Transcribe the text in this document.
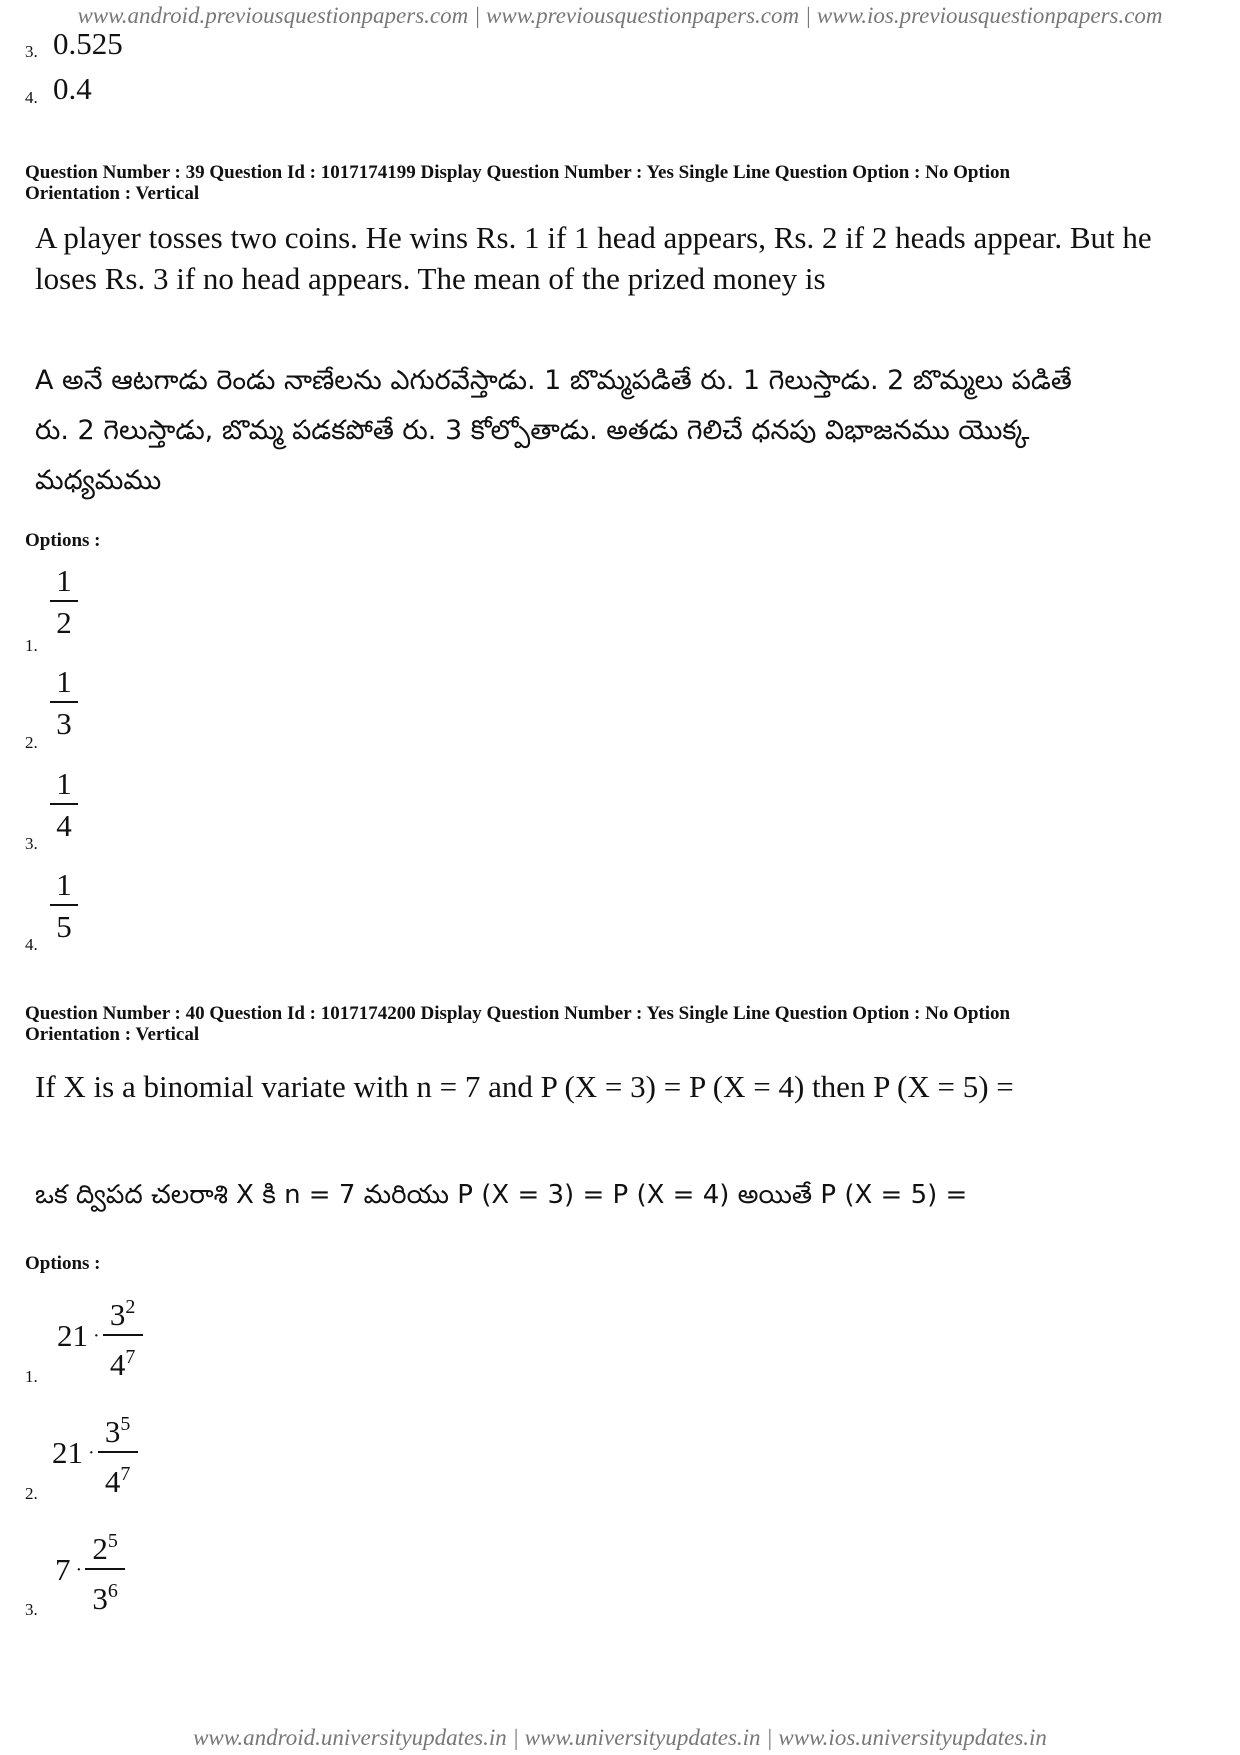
www.android.previousquestionpapers.com | www.previousquestionpapers.com | www.ios.previousquestionpapers.com
3. 0.525
4. 0.4
Question Number : 39 Question Id : 1017174199 Display Question Number : Yes Single Line Question Option : No Option
Orientation : Vertical
A player tosses two coins. He wins Rs. 1 if 1 head appears, Rs. 2 if 2 heads appear. But he
loses Rs. 3 if no head appears. The mean of the prized money is
A అనే ఆటగాడు రెండు నాణేలను ఎగురవేస్తాడు. 1 బొమ్మపడితే రు. 1 గెలుస్తాడు. 2 బొమ్మలు పడితే
రు. 2 గెలుస్తాడు, బొమ్మ పడకపోతే రు. 3 కోల్పోతాడు. అతడు గెలిచే ధనపు విభాజనము యొక్క
మధ్యమము
Options :
1.
1
2
2.
1
3
3.
1
4
4.
1
5
Question Number : 40 Question Id : 1017174200 Display Question Number : Yes Single Line Question Option : No Option
Orientation : Vertical
If X is a binomial variate with n = 7 and P (X = 3) = P (X = 4) then P (X = 5) =
ఒక ద్విపద చలరాశి X కి n = 7 మరియు P (X = 3) = P (X = 4) అయితే P (X = 5) =
Options :
1.
21 ·
$3^2$
$4^7$
2.
21 ·
$3^5$
$4^7$
3.
7 ·
$2^5$
$3^6$
www.android.universityupdates.in | www.universityupdates.in | www.ios.universityupdates.in
